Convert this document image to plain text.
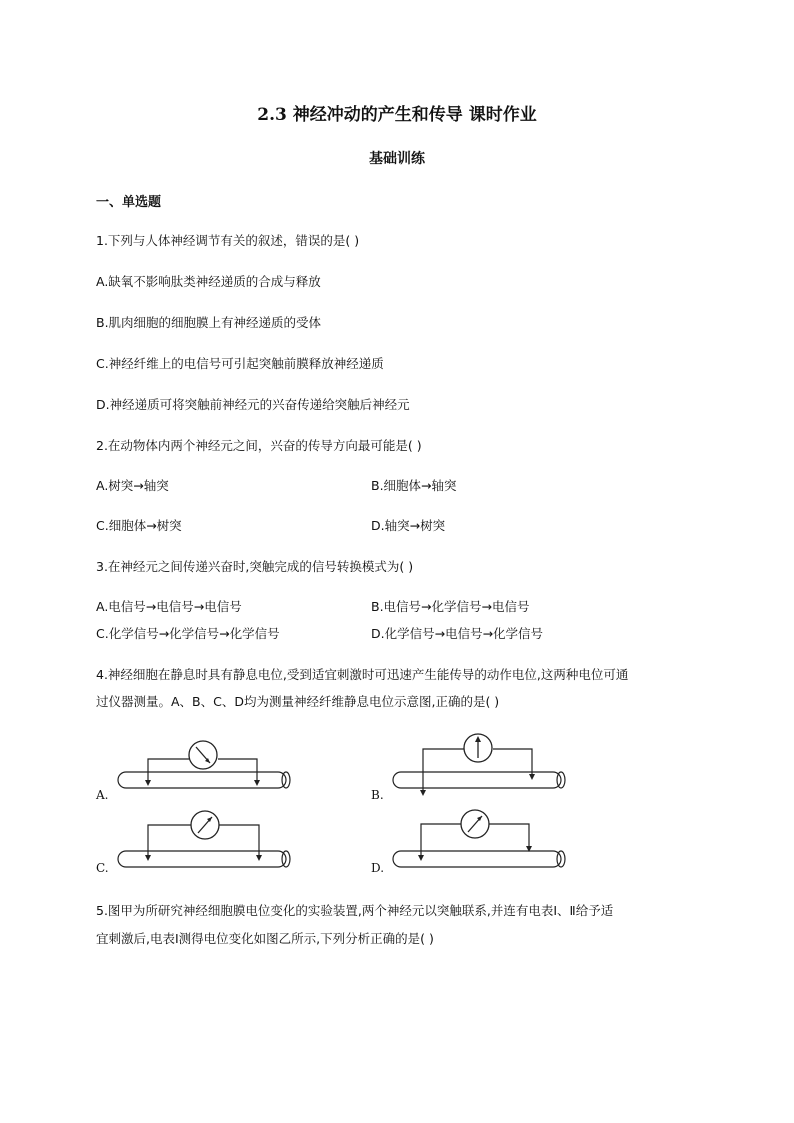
2.3 神经冲动的产生和传导 课时作业
基础训练
一、单选题
1.下列与人体神经调节有关的叙述，错误的是( )
A.缺氧不影响肽类神经递质的合成与释放
B.肌肉细胞的细胞膜上有神经递质的受体
C.神经纤维上的电信号可引起突触前膜释放神经递质
D.神经递质可将突触前神经元的兴奋传递给突触后神经元
2.在动物体内两个神经元之间，兴奋的传导方向最可能是( )
A.树突→轴突	B.细胞体→轴突
C.细胞体→树突	D.轴突→树突
3.在神经元之间传递兴奋时,突触完成的信号转换模式为( )
A.电信号→电信号→电信号	B.电信号→化学信号→电信号
C.化学信号→化学信号→化学信号	D.化学信号→电信号→化学信号
4.神经细胞在静息时具有静息电位,受到适宜刺激时可迅速产生能传导的动作电位,这两种电位可通
过仪器测量。A、B、C、D均为测量神经纤维静息电位示意图,正确的是( )
A.	B.
C.	D.
5.图甲为所研究神经细胞膜电位变化的实验装置,两个神经元以突触联系,并连有电表Ⅰ、Ⅱ给予适
宜刺激后,电表Ⅰ测得电位变化如图乙所示,下列分析正确的是( )
